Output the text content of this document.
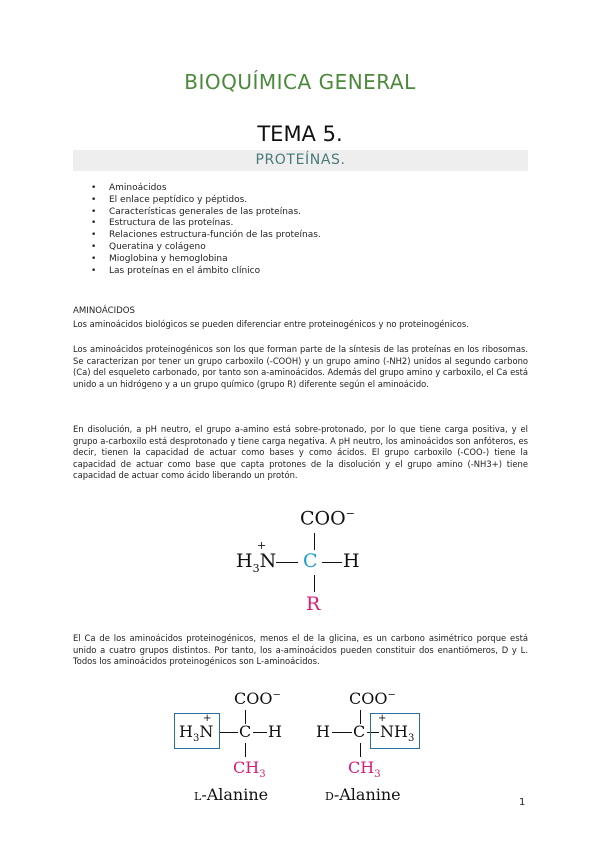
BIOQUÍMICA GENERAL
TEMA 5.
PROTEÍNAS.
• Aminoácidos
• El enlace peptídico y péptidos.
• Características generales de las proteínas.
• Estructura de las proteínas.
• Relaciones estructura-función de las proteínas.
• Queratina y colágeno
• Mioglobina y hemoglobina
• Las proteínas en el ámbito clínico
AMINOÁCIDOS

Los aminoácidos biológicos se pueden diferenciar entre proteinogénicos y no proteinogénicos.

Los aminoácidos proteinogénicos son los que forman parte de la síntesis de las proteínas en los ribosomas. Se caracterizan por tener un grupo carboxilo (-COOH) y un grupo amino (-NH2) unidos al segundo carbono (Ca) del esqueleto carbonado, por tanto son a-aminoácidos. Además del grupo amino y carboxilo, el Ca está unido a un hidrógeno y a un grupo químico (grupo R) diferente según el aminoácido.

En disolución, a pH neutro, el grupo a-amino está sobre-protonado, por lo que tiene carga positiva, y el grupo a-carboxilo está desprotonado y tiene carga negativa. A pH neutro, los aminoácidos son anfóteros, es decir, tienen la capacidad de actuar como bases y como ácidos. El grupo carboxilo (-COO-) tiene la capacidad de actuar como base que capta protones de la disolución y el grupo amino (-NH3+) tiene capacidad de actuar como ácido liberando un protón.

COO−
+
$H_3N$ C H
R

El Ca de los aminoácidos proteinogénicos, menos el de la glicina, es un carbono asimétrico porque está unido a cuatro grupos distintos. Por tanto, los a-aminoácidos pueden constituir dos enantiómeros, D y L. Todos los aminoácidos proteinogénicos son L-aminoácidos.

COO−
+
$H_3N$ C H
$CH_3$
L-Alanine
COO−
H C
+
$NH_3$
$CH_3$
D-Alanine	1
